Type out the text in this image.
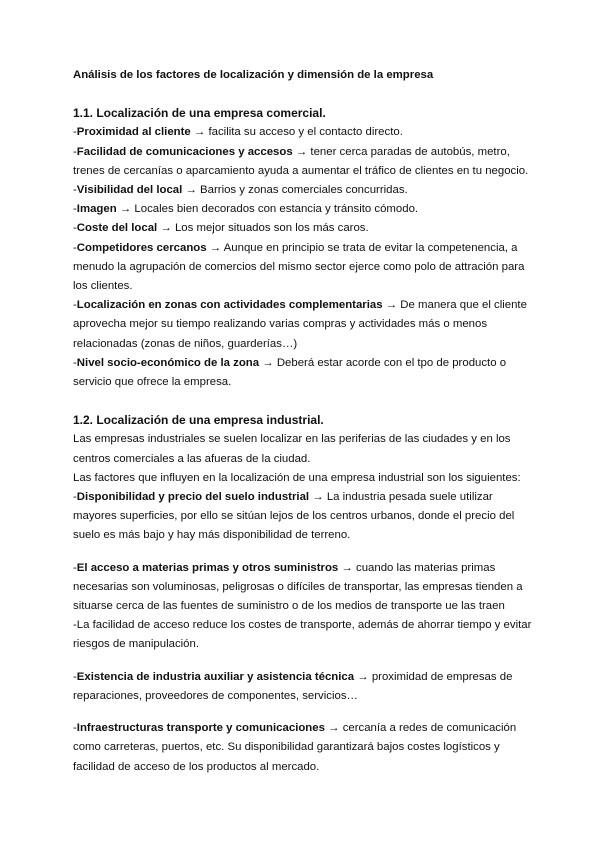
Análisis de los factores de localización y dimensión de la empresa

1.1. Localización de una empresa comercial.

-Proximidad al cliente → facilita su acceso y el contacto directo.

-Facilidad de comunicaciones y accesos → tener cerca paradas de autobús, metro, trenes de cercanías o aparcamiento ayuda a aumentar el tráfico de clientes en tu negocio.

-Visibilidad del local → Barrios y zonas comerciales concurridas.

-Imagen → Locales bien decorados con estancia y tránsito cómodo.

-Coste del local → Los mejor situados son los más caros.

-Competidores cercanos → Aunque en principio se trata de evitar la competenencia, a menudo la agrupación de comercios del mismo sector ejerce como polo de attración para los clientes.

-Localización en zonas con actividades complementarias → De manera que el cliente aprovecha mejor su tiempo realizando varias compras y actividades más o menos relacionadas (zonas de niños, guarderías…)

-Nivel socio-económico de la zona → Deberá estar acorde con el tpo de producto o servicio que ofrece la empresa.

1.2. Localización de una empresa industrial.

Las empresas industriales se suelen localizar en las periferias de las ciudades y en los centros comerciales a las afueras de la ciudad.

Las factores que influyen en la localización de una empresa industrial son los siguientes:

-Disponibilidad y precio del suelo industrial → La industria pesada suele utilizar mayores superficies, por ello se sitúan lejos de los centros urbanos, donde el precio del suelo es más bajo y hay más disponibilidad de terreno.

-El acceso a materias primas y otros suministros → cuando las materias primas necesarias son voluminosas, peligrosas o difíciles de transportar, las empresas tienden a situarse cerca de las fuentes de suministro o de los medios de transporte ue las traen

-La facilidad de acceso reduce los costes de transporte, además de ahorrar tiempo y evitar riesgos de manipulación.

-Existencia de industria auxiliar y asistencia técnica → proximidad de empresas de reparaciones, proveedores de componentes, servicios…

-Infraestructuras transporte y comunicaciones → cercanía a redes de comunicación como carreteras, puertos, etc. Su disponibilidad garantizará bajos costes logísticos y facilidad de acceso de los productos al mercado.
